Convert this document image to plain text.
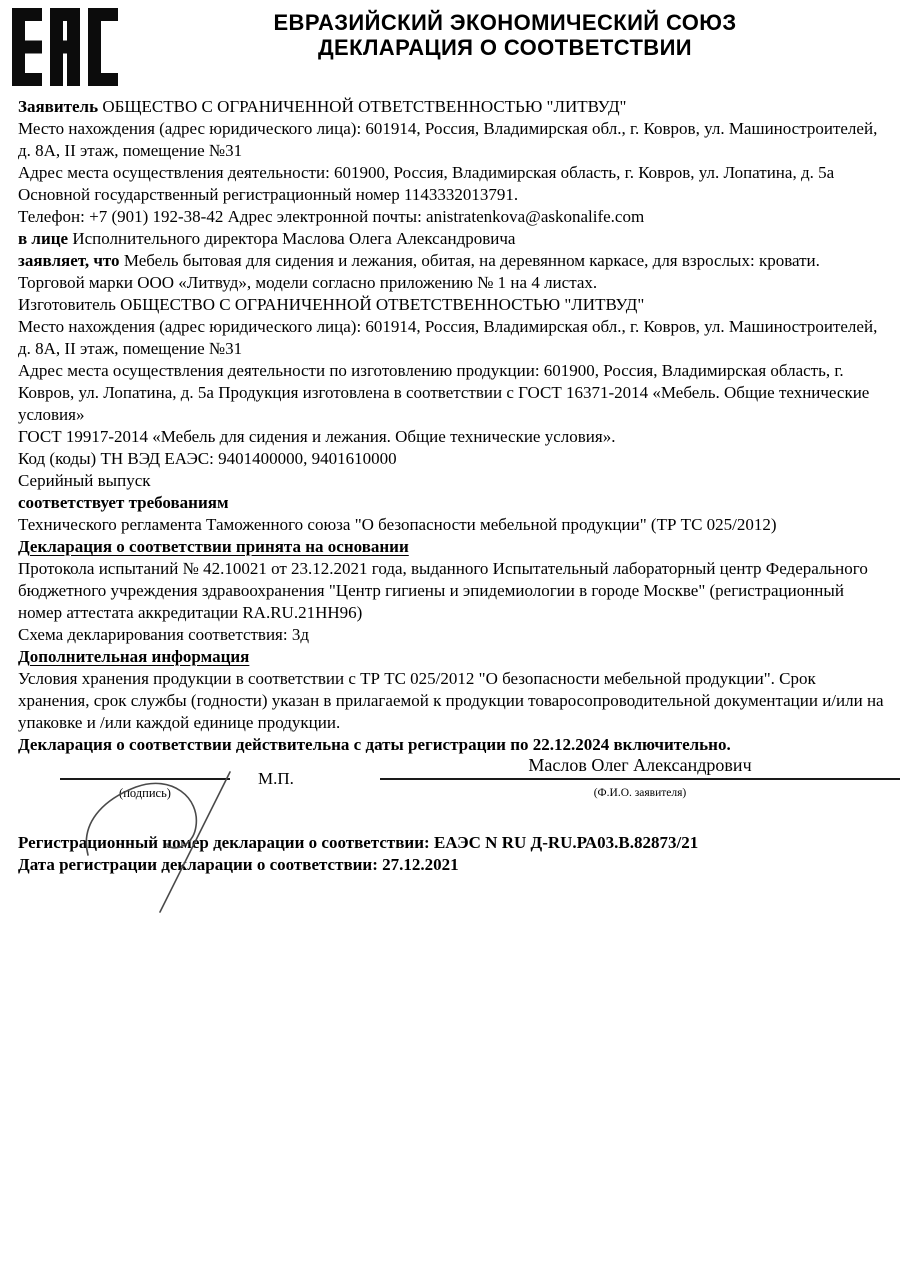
ЕВРАЗИЙСКИЙ ЭКОНОМИЧЕСКИЙ СОЮЗ
ДЕКЛАРАЦИЯ О СООТВЕТСТВИИ

Заявитель ОБЩЕСТВО С ОГРАНИЧЕННОЙ ОТВЕТСТВЕННОСТЬЮ "ЛИТВУД"

Место нахождения (адрес юридического лица): 601914, Россия, Владимирская обл., г. Ковров, ул. Машиностроителей, д. 8А, II этаж, помещение №31

Адрес места осуществления деятельности: 601900, Россия, Владимирская область, г. Ковров, ул. Лопатина, д. 5а

Основной государственный регистрационный номер 1143332013791.

Телефон: +7 (901) 192-38-42 Адрес электронной почты: anistratenkova@askonalife.com

в лице Исполнительного директора Маслова Олега Александровича

заявляет, что Мебель бытовая для сидения и лежания, обитая, на деревянном каркасе, для взрослых: кровати. Торговой марки ООО «Литвуд», модели согласно приложению № 1 на 4 листах.

Изготовитель ОБЩЕСТВО С ОГРАНИЧЕННОЙ ОТВЕТСТВЕННОСТЬЮ "ЛИТВУД"

Место нахождения (адрес юридического лица): 601914, Россия, Владимирская обл., г. Ковров, ул. Машиностроителей, д. 8А, II этаж, помещение №31

Адрес места осуществления деятельности по изготовлению продукции: 601900, Россия, Владимирская область, г. Ковров, ул. Лопатина, д. 5а Продукция изготовлена в соответствии с ГОСТ 16371-2014 «Мебель. Общие технические условия»

ГОСТ 19917-2014 «Мебель для сидения и лежания. Общие технические условия».

Код (коды) ТН ВЭД ЕАЭС: 9401400000, 9401610000

Серийный выпуск

соответствует требованиям

Технического регламента Таможенного союза "О безопасности мебельной продукции" (ТР ТС 025/2012)

Декларация о соответствии принята на основании

Протокола испытаний № 42.10021 от 23.12.2021 года, выданного Испытательный лабораторный центр Федерального бюджетного учреждения здравоохранения "Центр гигиены и эпидемиологии в городе Москве" (регистрационный номер аттестата аккредитации RA.RU.21НН96)

Схема декларирования соответствия: 3д

Дополнительная информация

Условия хранения продукции в соответствии с ТР ТС 025/2012 "О безопасности мебельной продукции". Срок хранения, срок службы (годности) указан в прилагаемой к продукции товаросопроводительной документации и/или на упаковке и /или каждой единице продукции.

Декларация о соответствии действительна с даты регистрации по 22.12.2024 включительно.

Маслов Олег Александрович
(подпись)
М.П.
(Ф.И.О. заявителя)

Регистрационный номер декларации о соответствии: ЕАЭС N RU Д-RU.РА03.В.82873/21

Дата регистрации декларации о соответствии: 27.12.2021
